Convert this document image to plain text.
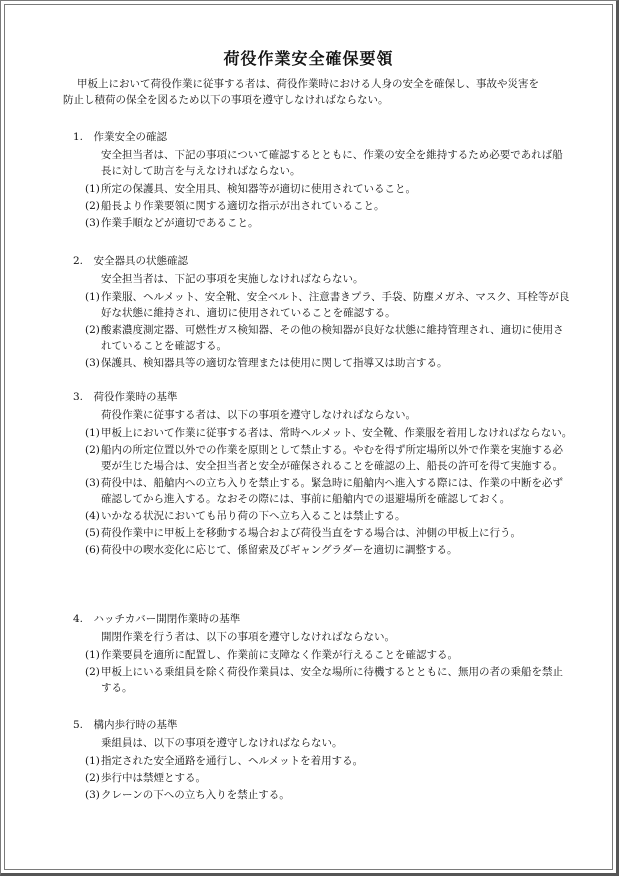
荷役作業安全確保要領

甲板上において荷役作業に従事する者は、荷役作業時における人身の安全を確保し、事故や災害を

防止し積荷の保全を図るため以下の事項を遵守しなければならない。

1.　作業安全の確認

安全担当者は、下記の事項について確認するとともに、作業の安全を維持するため必要であれば船長に対して助言を与えなければならない。

(1) 所定の保護具、安全用具、検知器等が適切に使用されていること。
(2) 船長より作業要領に関する適切な指示が出されていること。
(3) 作業手順などが適切であること。
2.　安全器具の状態確認

安全担当者は、下記の事項を実施しなければならない。

(1) 作業服、ヘルメット、安全靴、安全ベルト、注意書きプラ、手袋、防塵メガネ、マスク、耳栓等が良好な状態に維持され、適切に使用されていることを確認する。
(2) 酸素濃度測定器、可燃性ガス検知器、その他の検知器が良好な状態に維持管理され、適切に使用されていることを確認する。
(3) 保護具、検知器具等の適切な管理または使用に関して指導又は助言する。
3.　荷役作業時の基準

荷役作業に従事する者は、以下の事項を遵守しなければならない。

(1) 甲板上において作業に従事する者は、常時ヘルメット、安全靴、作業服を着用しなければならない。
(2) 船内の所定位置以外での作業を原則として禁止する。やむを得ず所定場所以外で作業を実施する必要が生じた場合は、安全担当者と安全が確保されることを確認の上、船長の許可を得て実施する。
(3) 荷役中は、船艙内への立ち入りを禁止する。緊急時に船艙内へ進入する際には、作業の中断を必ず確認してから進入する。なおその際には、事前に船艙内での退避場所を確認しておく。
(4) いかなる状況においても吊り荷の下へ立ち入ることは禁止する。
(5) 荷役作業中に甲板上を移動する場合および荷役当直をする場合は、沖側の甲板上に行う。
(6) 荷役中の喫水変化に応じて、係留索及びギャングラダーを適切に調整する。
4.　ハッチカバー開閉作業時の基準

開閉作業を行う者は、以下の事項を遵守しなければならない。

(1) 作業要員を適所に配置し、作業前に支障なく作業が行えることを確認する。
(2) 甲板上にいる乗組員を除く荷役作業員は、安全な場所に待機するとともに、無用の者の乗船を禁止する。
5.　構内歩行時の基準

乗組員は、以下の事項を遵守しなければならない。

(1) 指定された安全通路を通行し、ヘルメットを着用する。
(2) 歩行中は禁煙とする。
(3) クレーンの下への立ち入りを禁止する。
